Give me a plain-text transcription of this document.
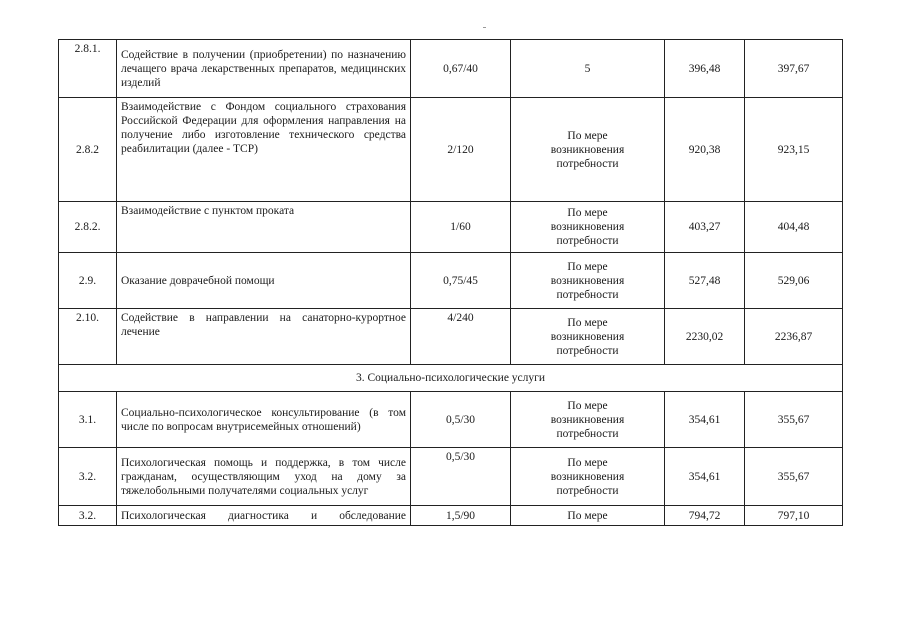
2.8.1.	Содействие в получении (приобретении) по назначению лечащего врача лекарственных препаратов, медицинских изделий	0,67/40	5	396,48	397,67
2.8.2	Взаимодействие с Фондом социального страхования Российской Федерации для оформления направления на получение либо изготовление технического средства реабилитации (далее - ТСР)	2/120	По мере
возникновения
потребности	920,38	923,15
2.8.2.	Взаимодействие с пунктом проката	1/60	По мере
возникновения
потребности	403,27	404,48
2.9.	Оказание доврачебной помощи	0,75/45	По мере
возникновения
потребности	527,48	529,06
2.10.	Содействие в направлении на санаторно-курортное лечение	4/240	По мере
возникновения
потребности	2230,02	2236,87
3. Социально-психологические услуги					
3.1.	Социально-психологическое консультирование (в том числе по вопросам внутрисемейных отношений)	0,5/30	По мере
возникновения
потребности	354,61	355,67
3.2.	Психологическая помощь и поддержка, в том числе гражданам, осуществляющим уход на дому за тяжелобольными получателями социальных услуг	0,5/30	По мере
возникновения
потребности	354,61	355,67
3.2.	Психологическая диагностика и обследование	1,5/90	По мере	794,72	797,10
